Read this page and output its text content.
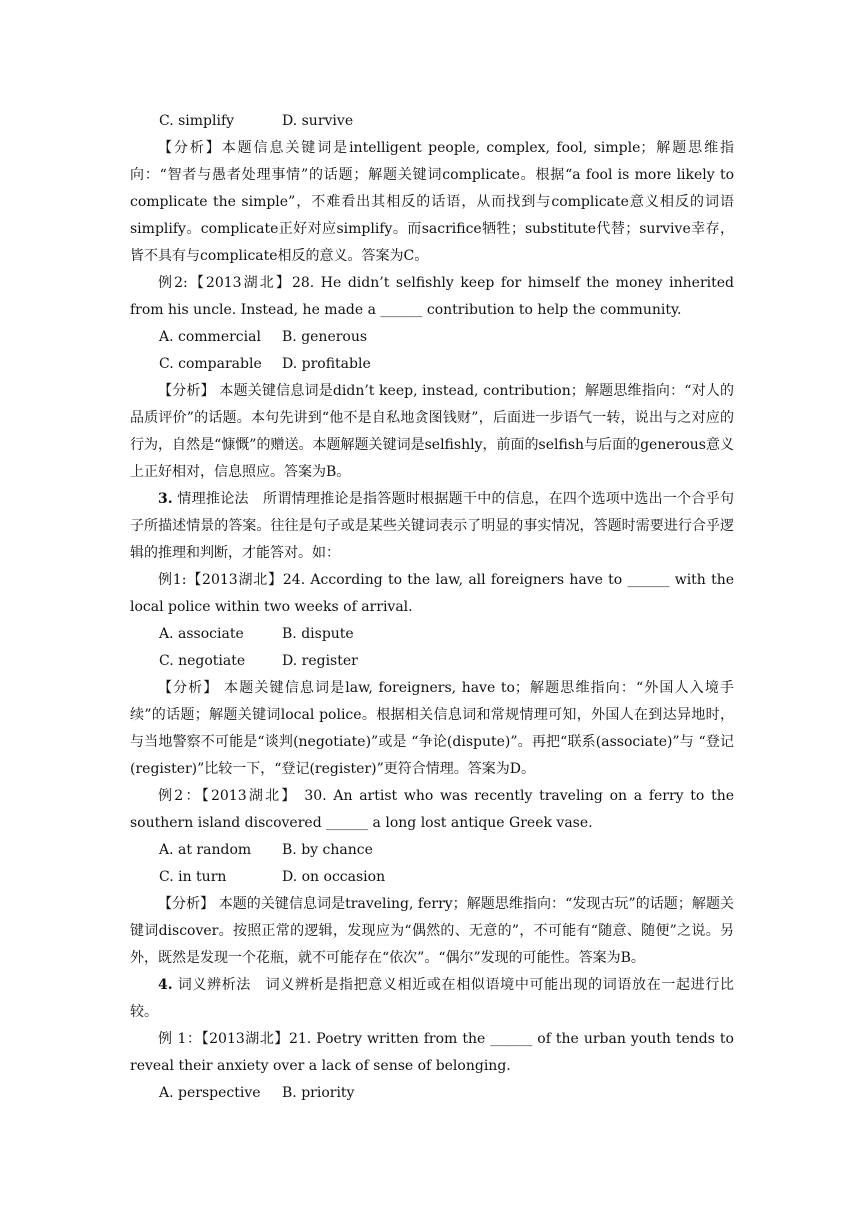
C. simplify	D. survive

【分析】本题信息关键词是intelligent people, complex, fool, simple；解题思维指向：“智者与愚者处理事情”的话题；解题关键词complicate。根据“a fool is more likely to complicate the simple”，不难看出其相反的话语，从而找到与complicate意义相反的词语simplify。complicate正好对应simplify。而sacrifice牺牲；substitute代替；survive幸存，皆不具有与complicate相反的意义。答案为C。

例2:【2013湖北】28. He didn’t selfishly keep for himself the money inherited from his uncle. Instead, he made a ______ contribution to help the community.

A. commercial	B. generous
C. comparable	D. profitable

【分析】 本题关键信息词是didn’t keep, instead, contribution；解题思维指向：“对人的品质评价”的话题。本句先讲到“他不是自私地贪图钱财”，后面进一步语气一转，说出与之对应的行为，自然是“慷慨”的赠送。本题解题关键词是selfishly，前面的selfish与后面的generous意义上正好相对，信息照应。答案为B。

3. 情理推论法　所谓情理推论是指答题时根据题干中的信息，在四个选项中选出一个合乎句子所描述情景的答案。往往是句子或是某些关键词表示了明显的事实情况，答题时需要进行合乎逻辑的推理和判断，才能答对。如：

例1:【2013湖北】24. According to the law, all foreigners have to ______ with the local police within two weeks of arrival.

A. associate	B. dispute
C. negotiate	D. register

【分析】 本题关键信息词是law, foreigners, have to；解题思维指向：“外国人入境手续”的话题；解题关键词local police。根据相关信息词和常规情理可知，外国人在到达异地时，与当地警察不可能是“谈判(negotiate)”或是 “争论(dispute)”。再把“联系(associate)”与 “登记(register)”比较一下，“登记(register)”更符合情理。答案为D。

例2：【2013湖北】 30. An artist who was recently traveling on a ferry to the southern island discovered ______ a long lost antique Greek vase.

A. at random	B. by chance
C. in turn	D. on occasion

【分析】 本题的关键信息词是traveling, ferry；解题思维指向：“发现古玩”的话题；解题关键词discover。按照正常的逻辑，发现应为“偶然的、无意的”，不可能有“随意、随便”之说。另外，既然是发现一个花瓶，就不可能存在“依次”。“偶尔”发现的可能性。答案为B。

4. 词义辨析法　词义辨析是指把意义相近或在相似语境中可能出现的词语放在一起进行比较。

例 1：【2013湖北】21. Poetry written from the ______ of the urban youth tends to reveal their anxiety over a lack of sense of belonging.

A. perspective	B. priority
